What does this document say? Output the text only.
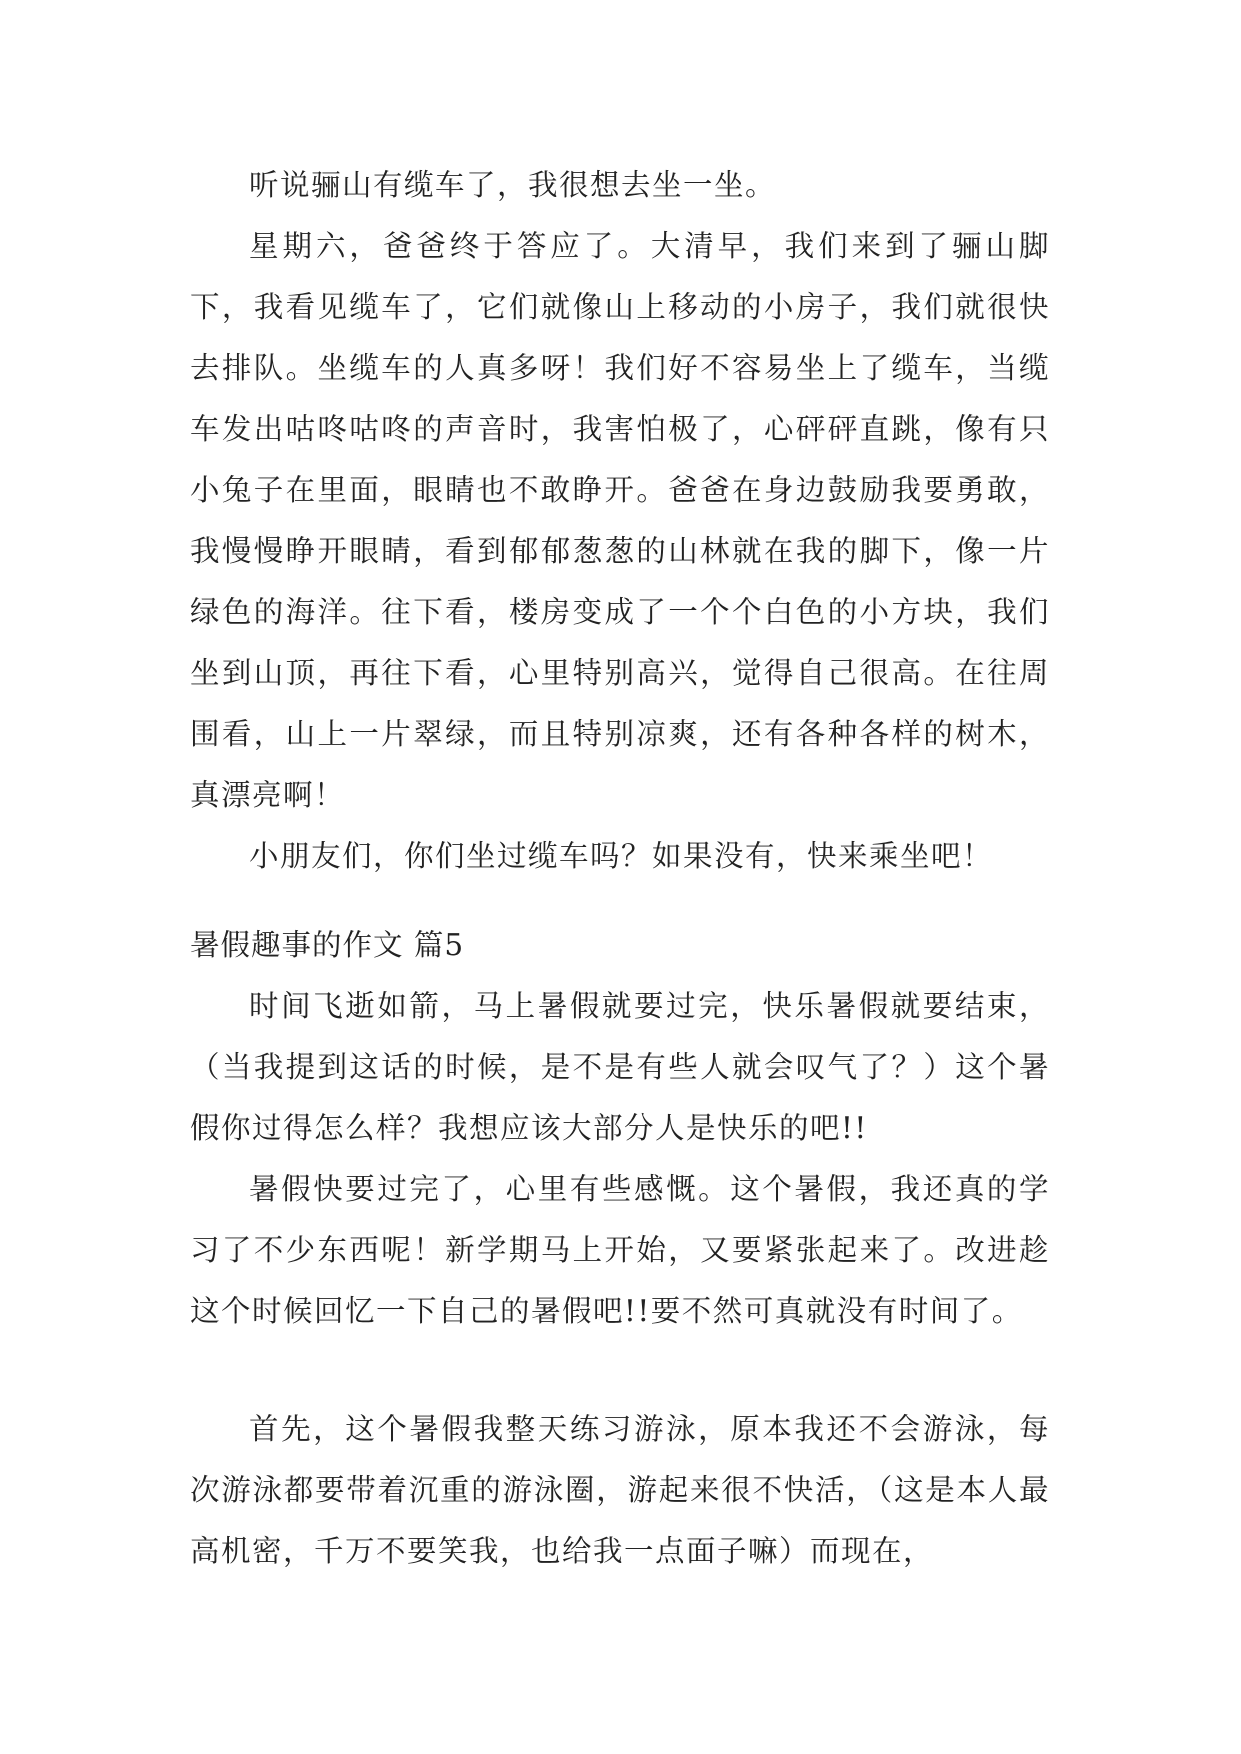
听说骊山有缆车了，我很想去坐一坐。

星期六，爸爸终于答应了。大清早，我们来到了骊山脚下，我看见缆车了，它们就像山上移动的小房子，我们就很快去排队。坐缆车的人真多呀！我们好不容易坐上了缆车，当缆车发出咕咚咕咚的声音时，我害怕极了，心砰砰直跳，像有只小兔子在里面，眼睛也不敢睁开。爸爸在身边鼓励我要勇敢，我慢慢睁开眼睛，看到郁郁葱葱的山林就在我的脚下，像一片绿色的海洋。往下看，楼房变成了一个个白色的小方块，我们坐到山顶，再往下看，心里特别高兴，觉得自己很高。在往周围看，山上一片翠绿，而且特别凉爽，还有各种各样的树木，真漂亮啊！

小朋友们，你们坐过缆车吗？如果没有，快来乘坐吧！

暑假趣事的作文 篇5

时间飞逝如箭，马上暑假就要过完，快乐暑假就要结束，（当我提到这话的时候，是不是有些人就会叹气了？）这个暑假你过得怎么样？我想应该大部分人是快乐的吧!!

暑假快要过完了，心里有些感慨。这个暑假，我还真的学习了不少东西呢！新学期马上开始，又要紧张起来了。改进趁这个时候回忆一下自己的暑假吧!!要不然可真就没有时间了。

首先，这个暑假我整天练习游泳，原本我还不会游泳，每次游泳都要带着沉重的游泳圈，游起来很不快活，（这是本人最高机密，千万不要笑我，也给我一点面子嘛）而现在，
